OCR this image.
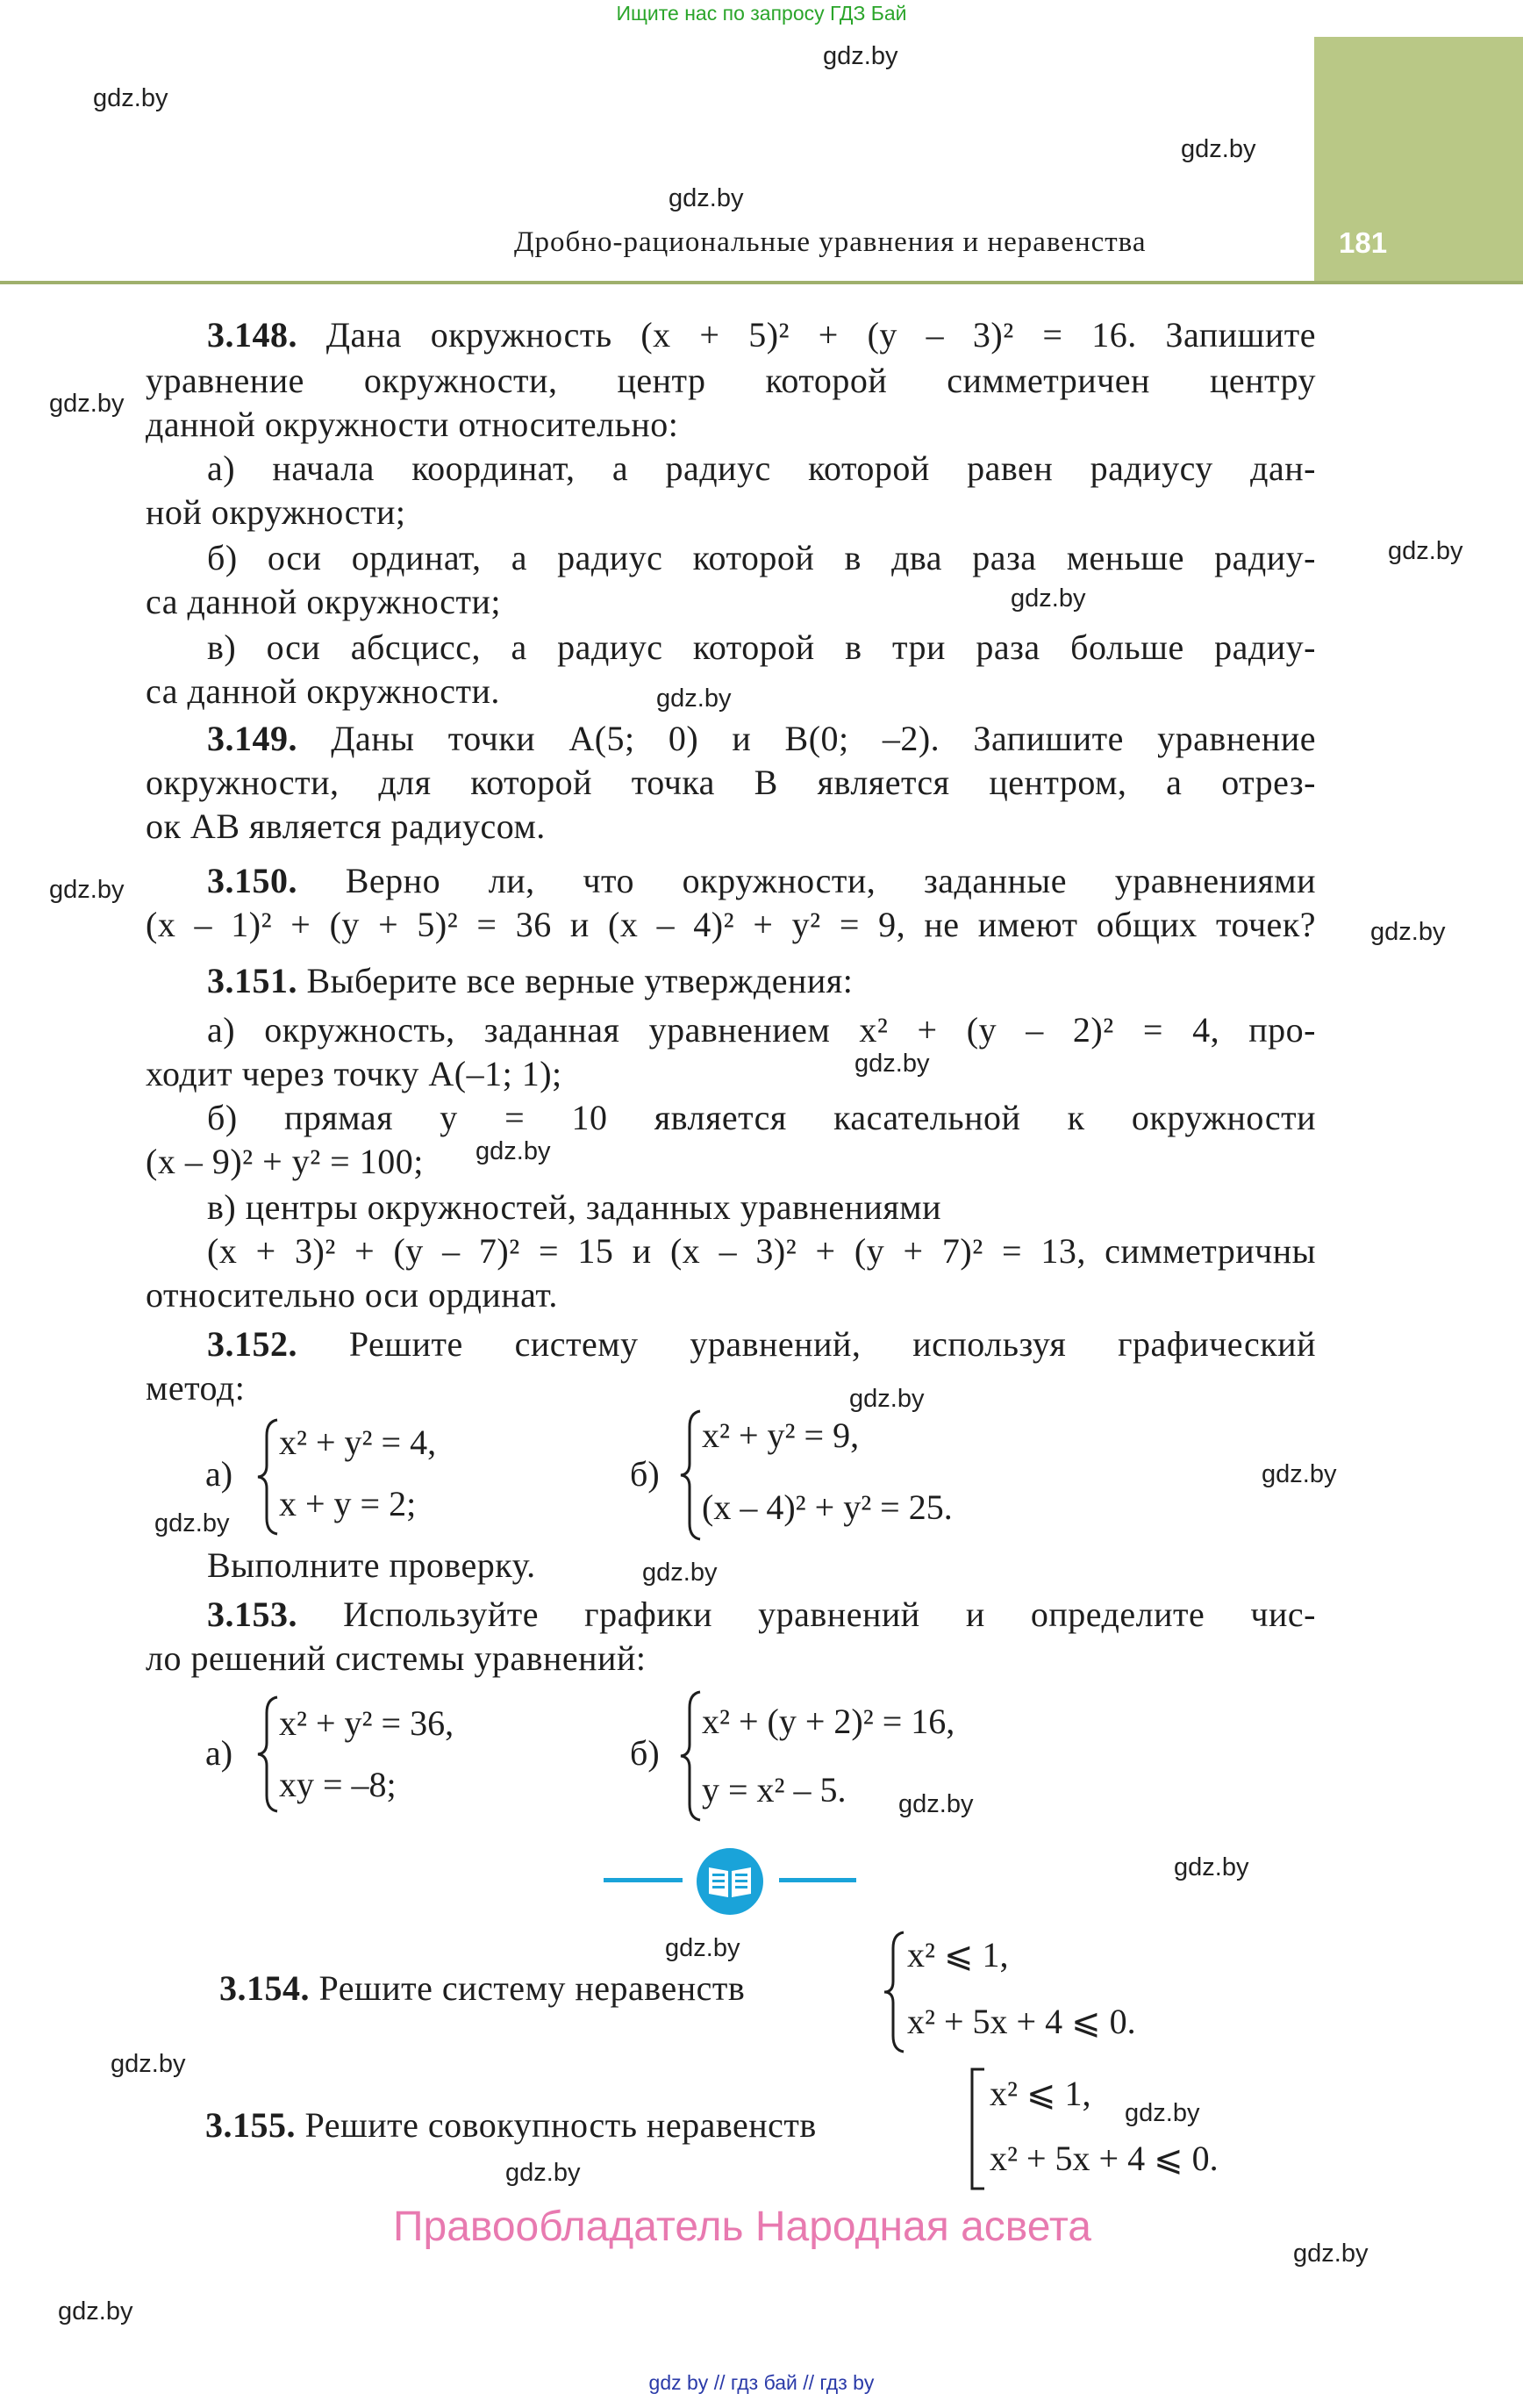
Ищите нас по запросу ГДЗ Бай
181
Дробно-рациональные уравнения и неравенства
gdz.by
gdz.by
gdz.by
gdz.by
gdz.by
gdz.by
gdz.by
gdz.by
gdz.by
gdz.by
gdz.by
gdz.by
gdz.by
gdz.by
gdz.by
gdz.by
gdz.by
gdz.by
gdz.by
gdz.by
gdz.by
gdz.by
gdz.by
gdz.by
3.148. Дана окружность (x + 5)² + (y – 3)² = 16. Запишите
уравнение окружности, центр которой симметричен центру
данной окружности относительно:
а) начала координат, а радиус которой равен радиусу дан-
ной окружности;
б) оси ординат, а радиус которой в два раза меньше радиу-
са данной окружности;
в) оси абсцисс, а радиус которой в три раза больше радиу-
са данной окружности.
3.149. Даны точки A(5; 0) и B(0; –2). Запишите уравнение
окружности, для которой точка B является центром, а отрез-
ок AB является радиусом.
3.150. Верно ли, что окружности, заданные уравнениями
(x – 1)² + (y + 5)² = 36 и (x – 4)² + y² = 9, не имеют общих точек?
3.151. Выберите все верные утверждения:
а) окружность, заданная уравнением x² + (y – 2)² = 4, про-
ходит через точку A(–1; 1);
б) прямая y = 10 является касательной к окружности
(x – 9)² + y² = 100;
в) центры окружностей, заданных уравнениями
(x + 3)² + (y – 7)² = 15 и (x – 3)² + (y + 7)² = 13, симметричны
относительно оси ординат.
3.152. Решите систему уравнений, используя графический
метод:
а)
x² + y² = 4,
x + y = 2;
б)
x² + y² = 9,
(x – 4)² + y² = 25.
Выполните проверку.
3.153. Используйте графики уравнений и определите чис-
ло решений системы уравнений:
а)
x² + y² = 36,
xy = –8;
б)
x² + (y + 2)² = 16,
y = x² – 5.
3.154. Решите систему неравенств
x² ⩽ 1,
x² + 5x + 4 ⩽ 0.
3.155. Решите совокупность неравенств
x² ⩽ 1,
x² + 5x + 4 ⩽ 0.
Правообладатель Народная асвета
gdz by // гдз бай // гдз by
